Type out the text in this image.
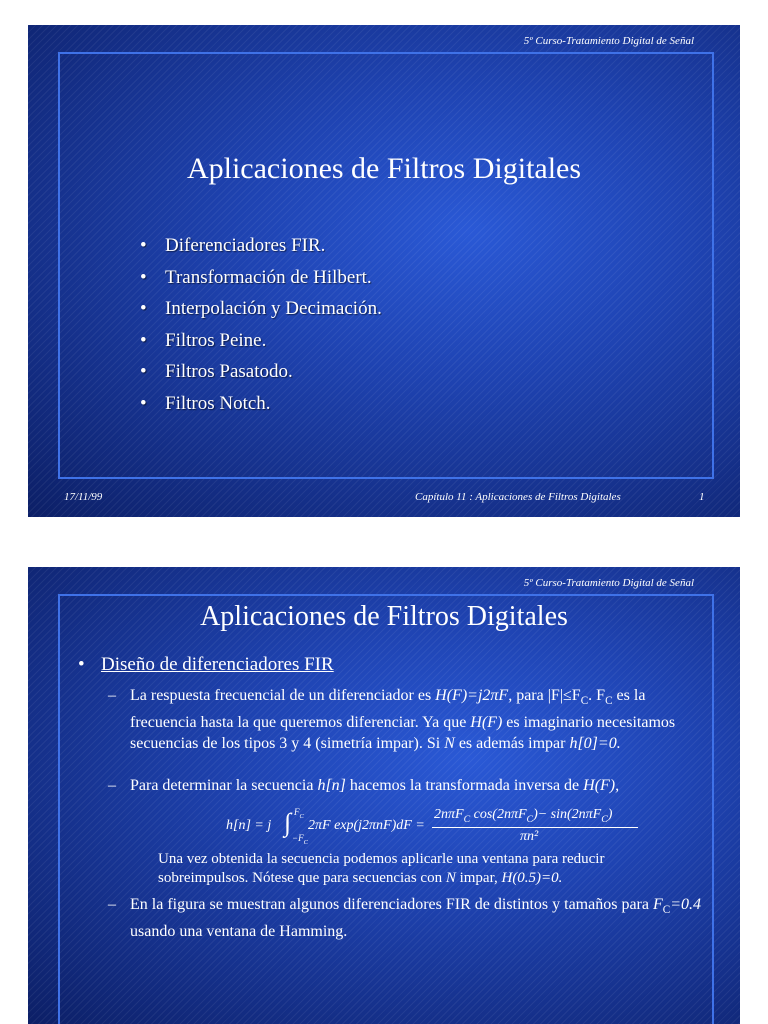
5º Curso-Tratamiento Digital de Señal
Aplicaciones de Filtros Digitales
• Diferenciadores FIR.
• Transformación de Hilbert.
• Interpolación y Decimación.
• Filtros Peine.
• Filtros Pasatodo.
• Filtros Notch.
17/11/99	Capítulo 11 : Aplicaciones de Filtros Digitales	1
5º Curso-Tratamiento Digital de Señal
Aplicaciones de Filtros Digitales
• Diseño de diferenciadores FIR
– La respuesta frecuencial de un diferenciador es H(F)=j2πF, para $|F|\le F_C$. $F_C$ es la frecuencia hasta la que queremos diferenciar. Ya que H(F) es imaginario necesitamos secuencias de los tipos 3 y 4 (simetría impar). Si N es además impar h[0]=0.
– Para determinar la secuencia h[n] hacemos la transformada inversa de H(F),
h[n] = j ∫ $F_C$
$-F_C$
2πF exp(j2πnF)dF =
2nπF$_C$ cos(2nπF$_C$)− sin(2nπF$_C$)
πn²
Una vez obtenida la secuencia podemos aplicarle una ventana para reducir sobreimpulsos. Nótese que para secuencias con N impar, H(0.5)=0.
– En la figura se muestran algunos diferenciadores FIR de distintos y tamaños para $F_C=0.4$ usando una ventana de Hamming.
